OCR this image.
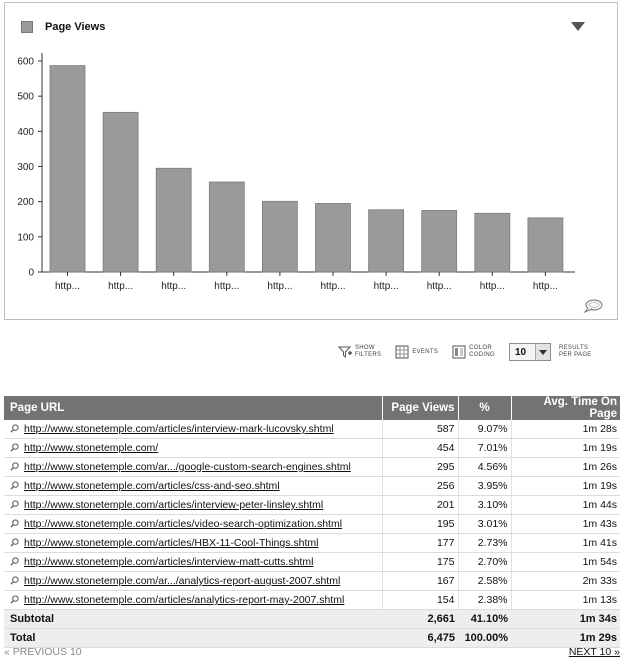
Page Views
0
100
200
300
400
500
600
http...	http...	http...	http...	http...	http...	http...	http...	http...	http...
SHOW
FILTERS
EVENTS
COLOR
CODING 10	RESULTS
PER PAGE
Page URL	Page Views	%	Avg. Time On Page
http://www.stonetemple.com/articles/interview-mark-lucovsky.shtml	587	9.07%	1m 28s
http://www.stonetemple.com/	454	7.01%	1m 19s
http://www.stonetemple.com/ar.../google-custom-search-engines.shtml	295	4.56%	1m 26s
http://www.stonetemple.com/articles/css-and-seo.shtml	256	3.95%	1m 19s
http://www.stonetemple.com/articles/interview-peter-linsley.shtml	201	3.10%	1m 44s
http://www.stonetemple.com/articles/video-search-optimization.shtml	195	3.01%	1m 43s
http://www.stonetemple.com/articles/HBX-11-Cool-Things.shtml	177	2.73%	1m 41s
http://www.stonetemple.com/articles/interview-matt-cutts.shtml	175	2.70%	1m 54s
http://www.stonetemple.com/ar.../analytics-report-august-2007.shtml	167	2.58%	2m 33s
http://www.stonetemple.com/articles/analytics-report-may-2007.shtml	154	2.38%	1m 13s
Subtotal	2,661	41.10%	1m 34s
Total	6,475	100.00%	1m 29s
« PREVIOUS 10	NEXT 10 »
